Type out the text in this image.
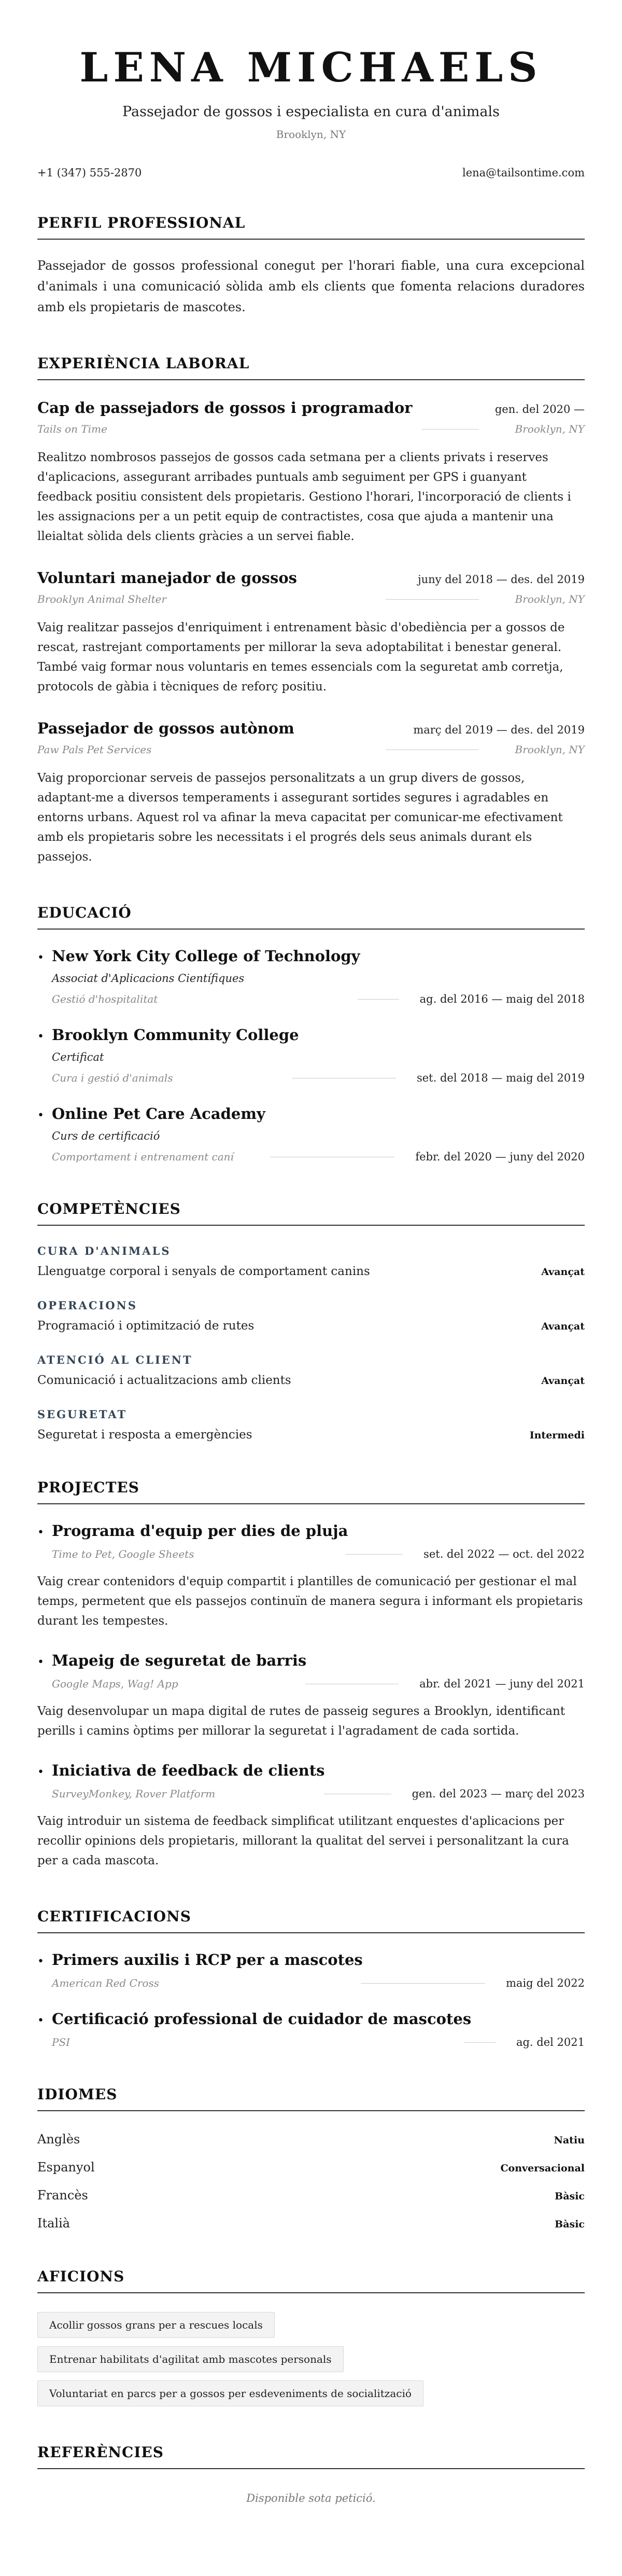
LENA MICHAELS
Passejador de gossos i especialista en cura d'animals
Brooklyn, NY
+1 (347) 555-2870	lena@tailsontime.com
PERFIL PROFESSIONAL
Passejador de gossos professional conegut per l'horari fiable, una cura excepcional d'animals i una comunicació sòlida amb els clients que fomenta relacions duradores amb els propietaris de mascotes.
EXPERIÈNCIA LABORAL
Cap de passejadors de gossos i programador	gen. del 2020 —
Tails on Time	Brooklyn, NY
Realitzo nombrosos passejos de gossos cada setmana per a clients privats i reserves d'aplicacions, assegurant arribades puntuals amb seguiment per GPS i guanyant feedback positiu consistent dels propietaris. Gestiono l'horari, l'incorporació de clients i les assignacions per a un petit equip de contractistes, cosa que ajuda a mantenir una lleialtat sòlida dels clients gràcies a un servei fiable.
Voluntari manejador de gossos	juny del 2018 — des. del 2019
Brooklyn Animal Shelter	Brooklyn, NY
Vaig realitzar passejos d'enriquiment i entrenament bàsic d'obediència per a gossos de rescat, rastrejant comportaments per millorar la seva adoptabilitat i benestar general. També vaig formar nous voluntaris en temes essencials com la seguretat amb corretja, protocols de gàbia i tècniques de reforç positiu.
Passejador de gossos autònom	març del 2019 — des. del 2019
Paw Pals Pet Services	Brooklyn, NY
Vaig proporcionar serveis de passejos personalitzats a un grup divers de gossos, adaptant-me a diversos temperaments i assegurant sortides segures i agradables en entorns urbans. Aquest rol va afinar la meva capacitat per comunicar-me efectivament amb els propietaris sobre les necessitats i el progrés dels seus animals durant els passejos.
EDUCACIÓ
• New York City College of Technology
Associat d'Aplicacions Científiques
Gestió d'hospitalitat	ag. del 2016 — maig del 2018
• Brooklyn Community College
Certificat
Cura i gestió d'animals	set. del 2018 — maig del 2019
• Online Pet Care Academy
Curs de certificació
Comportament i entrenament caní	febr. del 2020 — juny del 2020
COMPETÈNCIES
CURA D'ANIMALS
Llenguatge corporal i senyals de comportament canins	Avançat
OPERACIONS
Programació i optimització de rutes	Avançat
ATENCIÓ AL CLIENT
Comunicació i actualitzacions amb clients	Avançat
SEGURETAT
Seguretat i resposta a emergències	Intermedi
PROJECTES
• Programa d'equip per dies de pluja
Time to Pet, Google Sheets	set. del 2022 — oct. del 2022
Vaig crear contenidors d'equip compartit i plantilles de comunicació per gestionar el mal temps, permetent que els passejos continuïn de manera segura i informant els propietaris durant les tempestes.
• Mapeig de seguretat de barris
Google Maps, Wag! App	abr. del 2021 — juny del 2021
Vaig desenvolupar un mapa digital de rutes de passeig segures a Brooklyn, identificant perills i camins òptims per millorar la seguretat i l'agradament de cada sortida.
• Iniciativa de feedback de clients
SurveyMonkey, Rover Platform	gen. del 2023 — març del 2023
Vaig introduir un sistema de feedback simplificat utilitzant enquestes d'aplicacions per recollir opinions dels propietaris, millorant la qualitat del servei i personalitzant la cura per a cada mascota.
CERTIFICACIONS
• Primers auxilis i RCP per a mascotes
American Red Cross	maig del 2022
• Certificació professional de cuidador de mascotes
PSI	ag. del 2021
IDIOMES
Anglès	Natiu
Espanyol	Conversacional
Francès	Bàsic
Italià	Bàsic
AFICIONS
Acollir gossos grans per a rescues locals
Entrenar habilitats d'agilitat amb mascotes personals
Voluntariat en parcs per a gossos per esdeveniments de socialització
REFERÈNCIES
Disponible sota petició.
